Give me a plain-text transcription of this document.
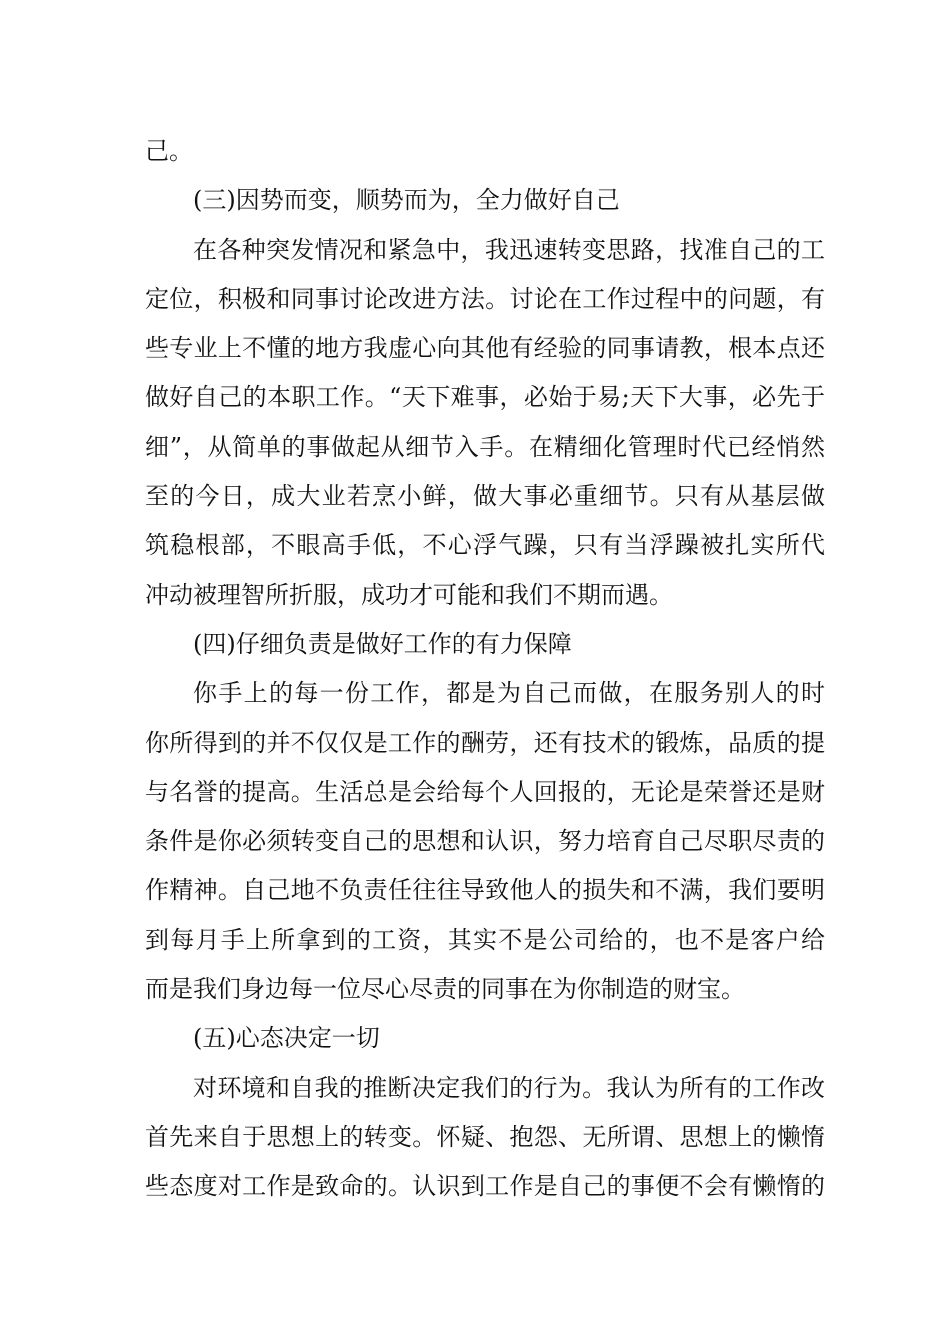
己。
(三)因势而变，顺势而为，全力做好自己
在各种突发情况和紧急中，我迅速转变思路，找准自己的工
定位，积极和同事讨论改进方法。讨论在工作过程中的问题，有
些专业上不懂的地方我虚心向其他有经验的同事请教，根本点还
做好自己的本职工作。“天下难事，必始于易;天下大事，必先于
细”，从简单的事做起从细节入手。在精细化管理时代已经悄然
至的今日，成大业若烹小鲜，做大事必重细节。只有从基层做
筑稳根部，不眼高手低，不心浮气躁，只有当浮躁被扎实所代
冲动被理智所折服，成功才可能和我们不期而遇。
(四)仔细负责是做好工作的有力保障
你手上的每一份工作，都是为自己而做，在服务别人的时
你所得到的并不仅仅是工作的酬劳，还有技术的锻炼，品质的提
与名誉的提高。生活总是会给每个人回报的，无论是荣誉还是财
条件是你必须转变自己的思想和认识，努力培育自己尽职尽责的
作精神。自己地不负责任往往导致他人的损失和不满，我们要明
到每月手上所拿到的工资，其实不是公司给的，也不是客户给
而是我们身边每一位尽心尽责的同事在为你制造的财宝。
(五)心态决定一切
对环境和自我的推断决定我们的行为。我认为所有的工作改
首先来自于思想上的转变。怀疑、抱怨、无所谓、思想上的懒惰
些态度对工作是致命的。认识到工作是自己的事便不会有懒惰的
